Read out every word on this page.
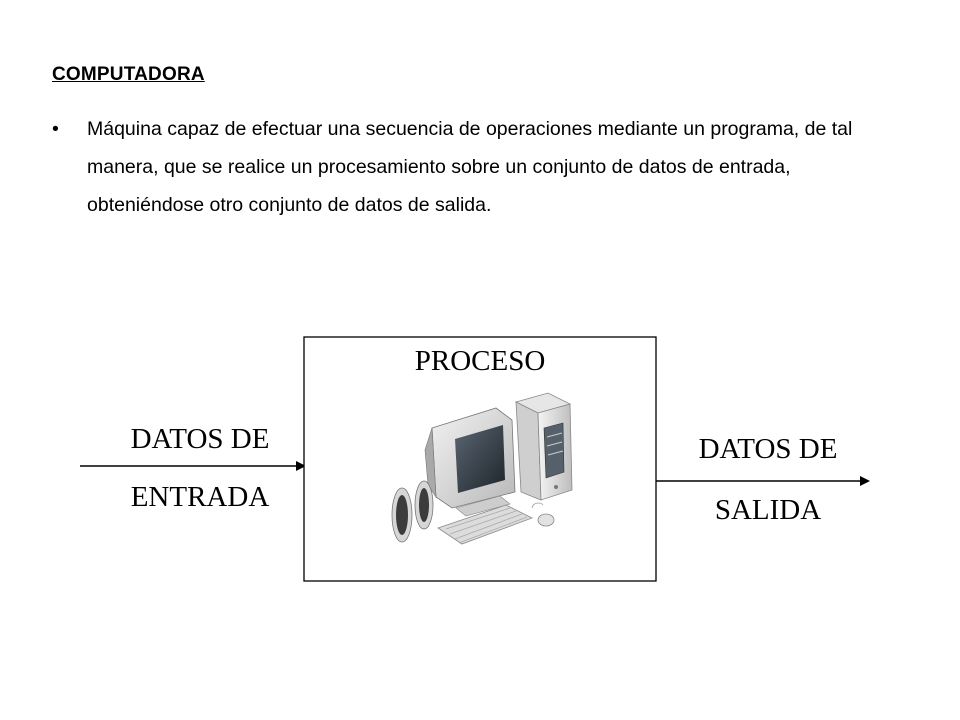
COMPUTADORA
•	Máquina capaz de efectuar una secuencia de operaciones mediante un programa, de tal manera, que se realice un procesamiento sobre un conjunto de datos de entrada, obteniéndose otro conjunto de datos de salida.
PROCESO
DATOS DE
ENTRADA
DATOS DE
SALIDA
